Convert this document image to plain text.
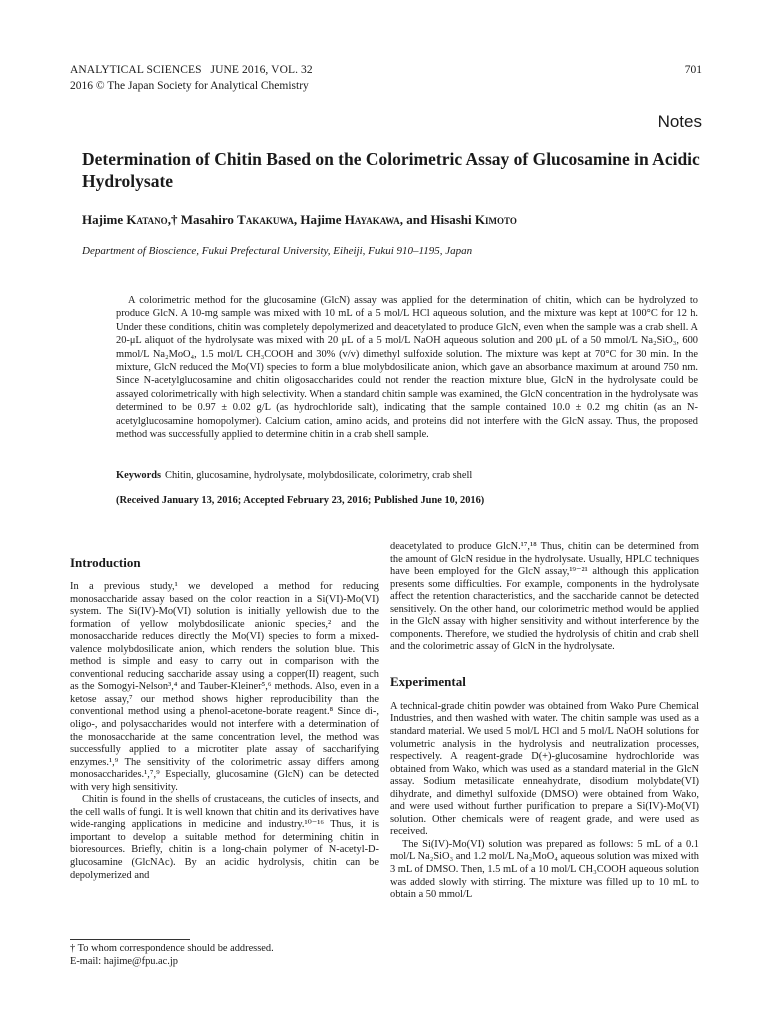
ANALYTICAL SCIENCES   JUNE 2016, VOL. 32
2016 © The Japan Society for Analytical Chemistry
701
Notes
Determination of Chitin Based on the Colorimetric Assay of Glucosamine in Acidic Hydrolysate
Hajime Katano,† Masahiro Takakuwa, Hajime Hayakawa, and Hisashi Kimoto
Department of Bioscience, Fukui Prefectural University, Eiheiji, Fukui 910–1195, Japan

A colorimetric method for the glucosamine (GlcN) assay was applied for the determination of chitin, which can be hydrolyzed to produce GlcN. A 10-mg sample was mixed with 10 mL of a 5 mol/L HCl aqueous solution, and the mixture was kept at 100°C for 12 h. Under these conditions, chitin was completely depolymerized and deacetylated to produce GlcN, even when the sample was a crab shell. A 20-μL aliquot of the hydrolysate was mixed with 20 μL of a 5 mol/L NaOH aqueous solution and 200 μL of a 50 mmol/L Na₂SiO₃, 600 mmol/L Na₂MoO₄, 1.5 mol/L CH₃COOH and 30% (v/v) dimethyl sulfoxide solution. The mixture was kept at 70°C for 30 min. In the mixture, GlcN reduced the Mo(VI) species to form a blue molybdosilicate anion, which gave an absorbance maximum at around 750 nm. Since N-acetylglucosamine and chitin oligosaccharides could not render the reaction mixture blue, GlcN in the hydrolysate could be assayed colorimetrically with high selectivity. When a standard chitin sample was examined, the GlcN concentration in the hydrolysate was determined to be 0.97 ± 0.02 g/L (as hydrochloride salt), indicating that the sample contained 10.0 ± 0.2 mg chitin (as an N-acetylglucosamine homopolymer). Calcium cation, amino acids, and proteins did not interfere with the GlcN assay. Thus, the proposed method was successfully applied to determine chitin in a crab shell sample.

Keywords Chitin, glucosamine, hydrolysate, molybdosilicate, colorimetry, crab shell
(Received January 13, 2016; Accepted February 23, 2016; Published June 10, 2016)
Introduction

In a previous study,¹ we developed a method for reducing monosaccharide assay based on the color reaction in a Si(VI)-Mo(VI) system. The Si(IV)-Mo(VI) solution is initially yellowish due to the formation of yellow molybdosilicate anionic species,² and the monosaccharide reduces directly the Mo(VI) species to form a mixed-valence molybdosilicate anion, which renders the solution blue. This method is simple and easy to carry out in comparison with the conventional reducing saccharide assay using a copper(II) reagent, such as the Somogyi-Nelson³,⁴ and Tauber-Kleiner⁵,⁶ methods. Also, even in a ketose assay,⁷ our method shows higher reproducibility than the conventional method using a phenol-acetone-borate reagent.⁸ Since di-, oligo-, and polysaccharides would not interfere with a determination of the monosaccharide at the same concentration level, the method was successfully applied to a microtiter plate assay of saccharifying enzymes.¹,⁹ The sensitivity of the colorimetric assay differs among monosaccharides.¹,⁷,⁹ Especially, glucosamine (GlcN) can be detected with very high sensitivity.

Chitin is found in the shells of crustaceans, the cuticles of insects, and the cell walls of fungi. It is well known that chitin and its derivatives have wide-ranging applications in medicine and industry.¹⁰⁻¹⁶ Thus, it is important to develop a suitable method for determining chitin in bioresources. Briefly, chitin is a long-chain polymer of N-acetyl-D-glucosamine (GlcNAc). By an acidic hydrolysis, chitin can be depolymerized and

deacetylated to produce GlcN.¹⁷,¹⁸ Thus, chitin can be determined from the amount of GlcN residue in the hydrolysate. Usually, HPLC techniques have been employed for the GlcN assay,¹⁹⁻²¹ although this application presents some difficulties. For example, components in the hydrolysate affect the retention characteristics, and the saccharide cannot be detected sensitively. On the other hand, our colorimetric method would be applied in the GlcN assay with higher sensitivity and without interference by the components. Therefore, we studied the hydrolysis of chitin and crab shell and the colorimetric assay of GlcN in the hydrolysate.

Experimental

A technical-grade chitin powder was obtained from Wako Pure Chemical Industries, and then washed with water. The chitin sample was used as a standard material. We used 5 mol/L HCl and 5 mol/L NaOH solutions for volumetric analysis in the hydrolysis and neutralization processes, respectively. A reagent-grade D(+)-glucosamine hydrochloride was obtained from Wako, which was used as a standard material in the GlcN assay. Sodium metasilicate enneahydrate, disodium molybdate(VI) dihydrate, and dimethyl sulfoxide (DMSO) were obtained from Wako, and were used without further purification to prepare a Si(IV)-Mo(VI) solution. Other chemicals were of reagent grade, and were used as received.

The Si(IV)-Mo(VI) solution was prepared as follows: 5 mL of a 0.1 mol/L Na₂SiO₃ and 1.2 mol/L Na₂MoO₄ aqueous solution was mixed with 3 mL of DMSO. Then, 1.5 mL of a 10 mol/L CH₃COOH aqueous solution was added slowly with stirring. The mixture was filled up to 10 mL to obtain a 50 mmol/L

† To whom correspondence should be addressed.
E-mail: hajime@fpu.ac.jp
